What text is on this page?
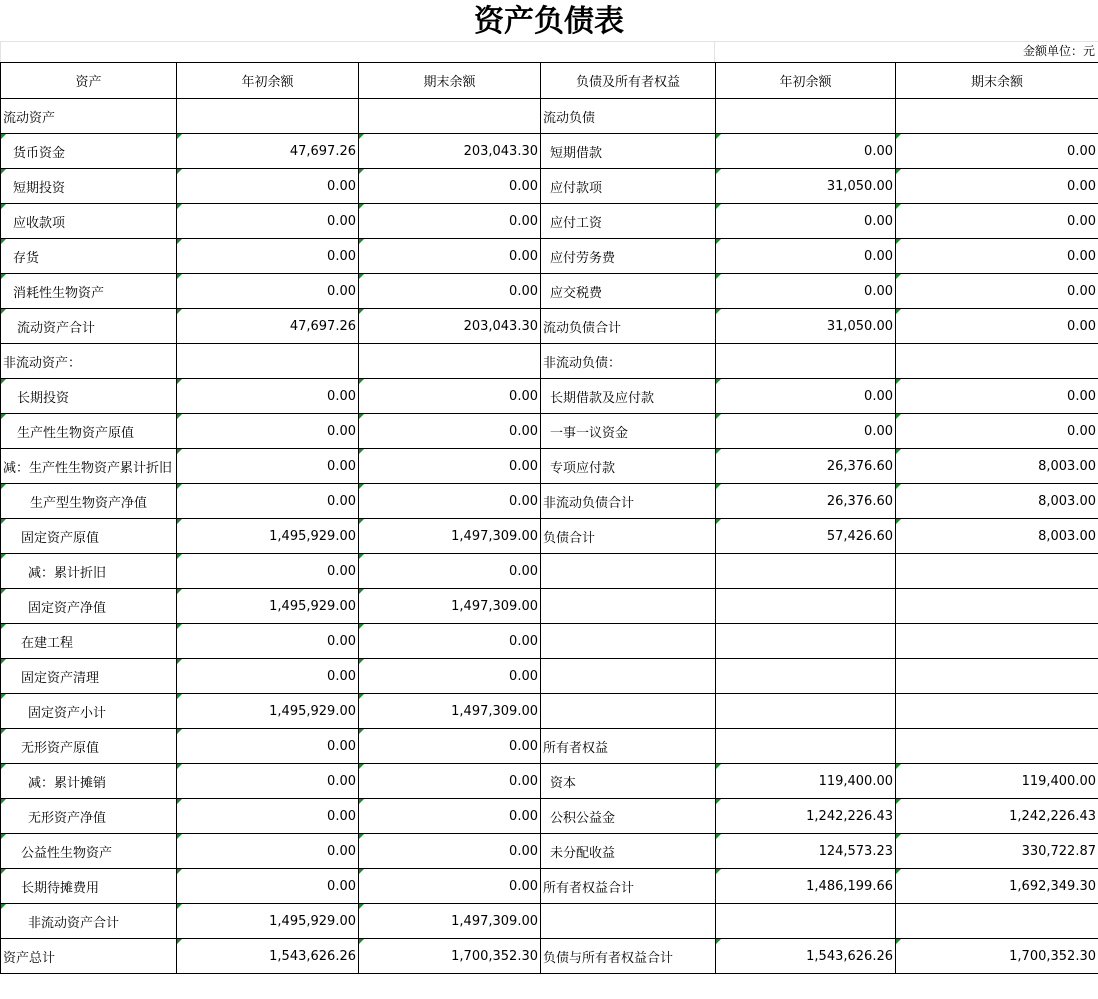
资产负债表
金额单位：元
资产	年初余额	期末余额	负债及所有者权益	年初余额	期末余额
流动资产			流动负债		
货币资金	47,697.26	203,043.30	短期借款	0.00	0.00
短期投资	0.00	0.00	应付款项	31,050.00	0.00
应收款项	0.00	0.00	应付工资	0.00	0.00
存货	0.00	0.00	应付劳务费	0.00	0.00
消耗性生物资产	0.00	0.00	应交税费	0.00	0.00
流动资产合计	47,697.26	203,043.30	流动负债合计	31,050.00	0.00
非流动资产：			非流动负债：		
长期投资	0.00	0.00	长期借款及应付款	0.00	0.00
生产性生物资产原值	0.00	0.00	一事一议资金	0.00	0.00
减：生产性生物资产累计折旧	0.00	0.00	专项应付款	26,376.60	8,003.00
生产型生物资产净值	0.00	0.00	非流动负债合计	26,376.60	8,003.00
固定资产原值	1,495,929.00	1,497,309.00	负债合计	57,426.60	8,003.00
减：累计折旧	0.00	0.00			
固定资产净值	1,495,929.00	1,497,309.00			
在建工程	0.00	0.00			
固定资产清理	0.00	0.00			
固定资产小计	1,495,929.00	1,497,309.00			
无形资产原值	0.00	0.00	所有者权益		
减：累计摊销	0.00	0.00	资本	119,400.00	119,400.00
无形资产净值	0.00	0.00	公积公益金	1,242,226.43	1,242,226.43
公益性生物资产	0.00	0.00	未分配收益	124,573.23	330,722.87
长期待摊费用	0.00	0.00	所有者权益合计	1,486,199.66	1,692,349.30
非流动资产合计	1,495,929.00	1,497,309.00			
资产总计	1,543,626.26	1,700,352.30	负债与所有者权益合计	1,543,626.26	1,700,352.30
